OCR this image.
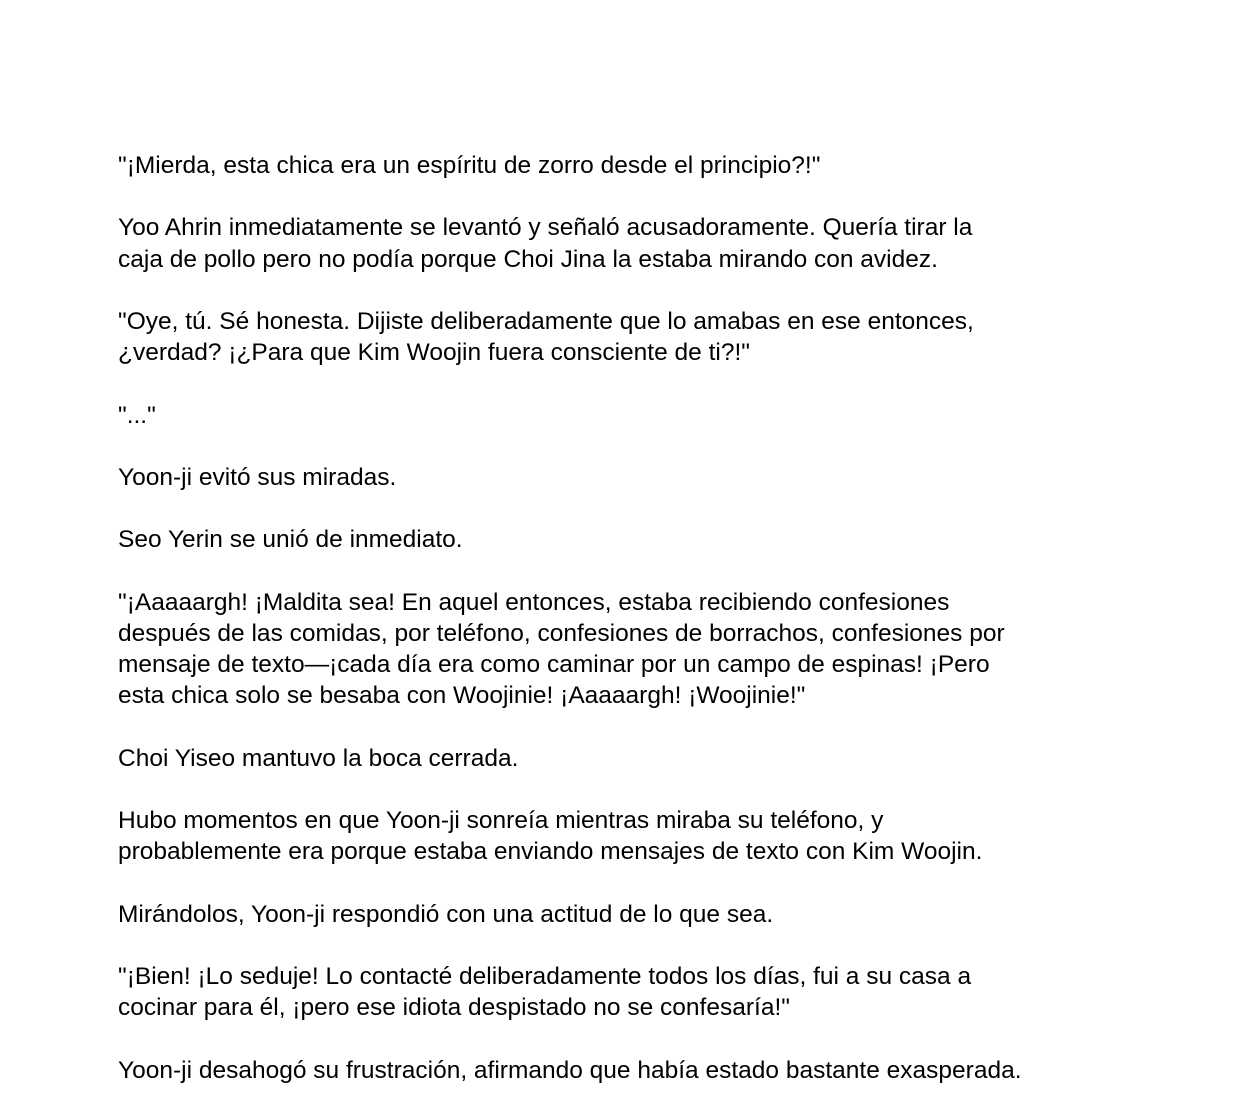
"¡Mierda, esta chica era un espíritu de zorro desde el principio?!"

Yoo Ahrin inmediatamente se levantó y señaló acusadoramente. Quería tirar la
caja de pollo pero no podía porque Choi Jina la estaba mirando con avidez.

"Oye, tú. Sé honesta. Dijiste deliberadamente que lo amabas en ese entonces,
¿verdad? ¡¿Para que Kim Woojin fuera consciente de ti?!"

"..."

Yoon-ji evitó sus miradas.

Seo Yerin se unió de inmediato.

"¡Aaaaargh! ¡Maldita sea! En aquel entonces, estaba recibiendo confesiones
después de las comidas, por teléfono, confesiones de borrachos, confesiones por
mensaje de texto—¡cada día era como caminar por un campo de espinas! ¡Pero
esta chica solo se besaba con Woojinie! ¡Aaaaargh! ¡Woojinie!"

Choi Yiseo mantuvo la boca cerrada.

Hubo momentos en que Yoon-ji sonreía mientras miraba su teléfono, y
probablemente era porque estaba enviando mensajes de texto con Kim Woojin.

Mirándolos, Yoon-ji respondió con una actitud de lo que sea.

"¡Bien! ¡Lo seduje! Lo contacté deliberadamente todos los días, fui a su casa a
cocinar para él, ¡pero ese idiota despistado no se confesaría!"

Yoon-ji desahogó su frustración, afirmando que había estado bastante exasperada.
